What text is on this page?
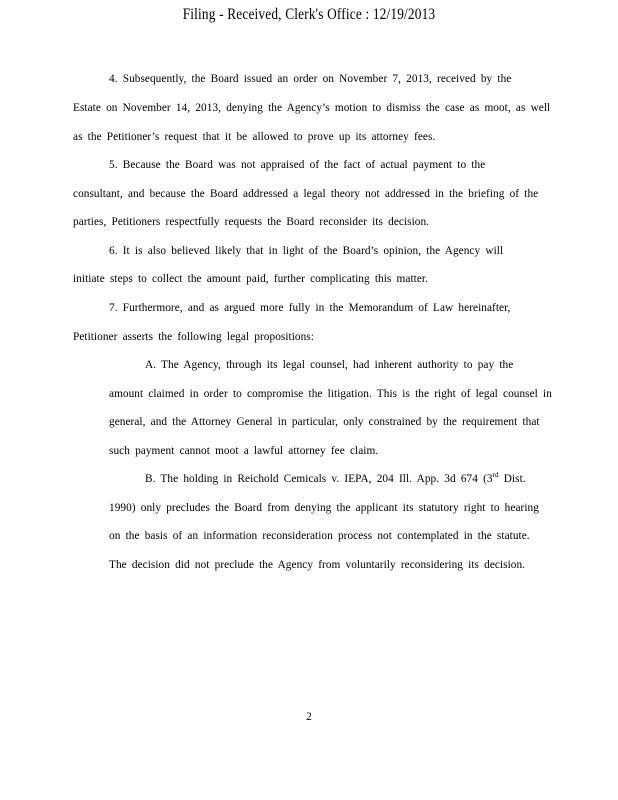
Filing - Received, Clerk's Office : 12/19/2013
4. Subsequently, the Board issued an order on November 7, 2013, received by the
Estate on November 14, 2013, denying the Agency’s motion to dismiss the case as moot, as well
as the Petitioner’s request that it be allowed to prove up its attorney fees.
5. Because the Board was not appraised of the fact of actual payment to the
consultant, and because the Board addressed a legal theory not addressed in the briefing of the
parties, Petitioners respectfully requests the Board reconsider its decision.
6. It is also believed likely that in light of the Board’s opinion, the Agency will
initiate steps to collect the amount paid, further complicating this matter.
7. Furthermore, and as argued more fully in the Memorandum of Law hereinafter,
Petitioner asserts the following legal propositions:
A. The Agency, through its legal counsel, had inherent authority to pay the
amount claimed in order to compromise the litigation. This is the right of legal counsel in
general, and the Attorney General in particular, only constrained by the requirement that
such payment cannot moot a lawful attorney fee claim.
B. The holding in Reichold Cemicals v. IEPA, 204 Ill. App. 3d 674 (3rd Dist.
1990) only precludes the Board from denying the applicant its statutory right to hearing
on the basis of an information reconsideration process not contemplated in the statute.
The decision did not preclude the Agency from voluntarily reconsidering its decision.
2
